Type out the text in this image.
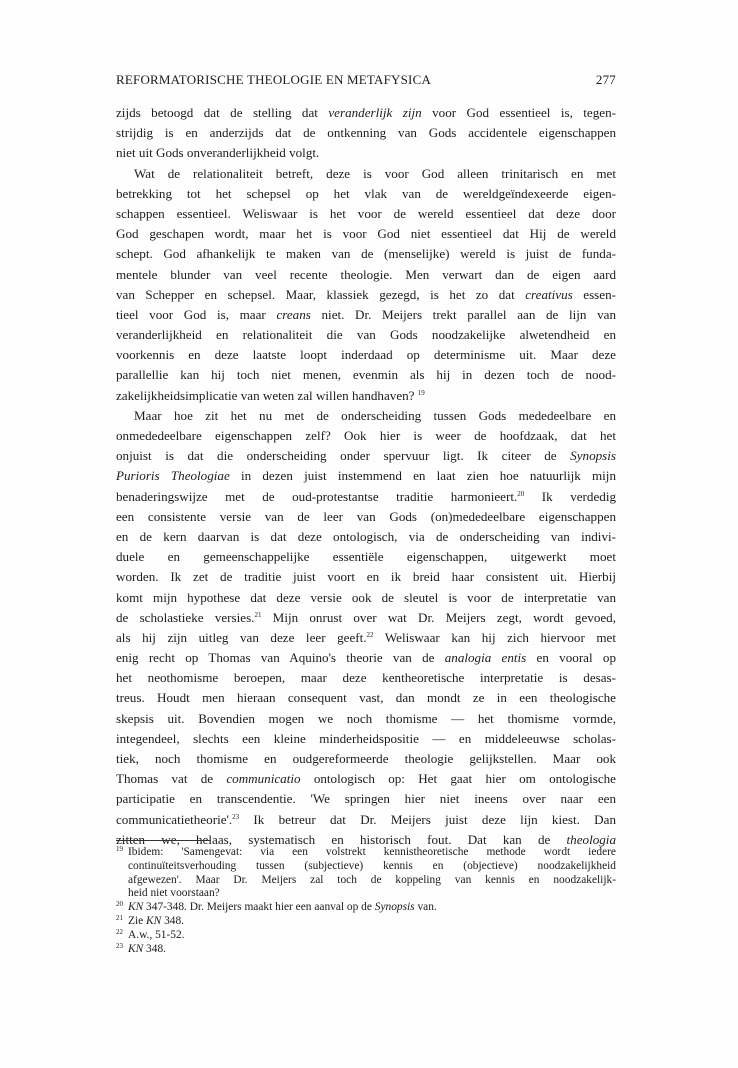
REFORMATORISCHE THEOLOGIE EN METAFYSICA	277
zijds betoogd dat de stelling dat veranderlijk zijn voor God essentieel is, tegen-
strijdig is en anderzijds dat de ontkenning van Gods accidentele eigenschappen
niet uit Gods onveranderlijkheid volgt.
Wat de relationaliteit betreft, deze is voor God alleen trinitarisch en met
betrekking tot het schepsel op het vlak van de wereldgeïndexeerde eigen-
schappen essentieel. Weliswaar is het voor de wereld essentieel dat deze door
God geschapen wordt, maar het is voor God niet essentieel dat Hij de wereld
schept. God afhankelijk te maken van de (menselijke) wereld is juist de funda-
mentele blunder van veel recente theologie. Men verwart dan de eigen aard
van Schepper en schepsel. Maar, klassiek gezegd, is het zo dat creativus essen-
tieel voor God is, maar creans niet. Dr. Meijers trekt parallel aan de lijn van
veranderlijkheid en relationaliteit die van Gods noodzakelijke alwetendheid en
voorkennis en deze laatste loopt inderdaad op determinisme uit. Maar deze
parallellie kan hij toch niet menen, evenmin als hij in dezen toch de nood-
zakelijkheidsimplicatie van weten zal willen handhaven? $^{19}$
Maar hoe zit het nu met de onderscheiding tussen Gods mededeelbare en
onmededeelbare eigenschappen zelf? Ook hier is weer de hoofdzaak, dat het
onjuist is dat die onderscheiding onder spervuur ligt. Ik citeer de Synopsis
Purioris Theologiae in dezen juist instemmend en laat zien hoe natuurlijk mijn
benaderingswijze met de oud-protestantse traditie harmonieert.$^{20}$ Ik verdedig
een consistente versie van de leer van Gods (on)mededeelbare eigenschappen
en de kern daarvan is dat deze ontologisch, via de onderscheiding van indivi-
duele en gemeenschappelijke essentiële eigenschappen, uitgewerkt moet
worden. Ik zet de traditie juist voort en ik breid haar consistent uit. Hierbij
komt mijn hypothese dat deze versie ook de sleutel is voor de interpretatie van
de scholastieke versies.$^{21}$ Mijn onrust over wat Dr. Meijers zegt, wordt gevoed,
als hij zijn uitleg van deze leer geeft.$^{22}$ Weliswaar kan hij zich hiervoor met
enig recht op Thomas van Aquino's theorie van de analogia entis en vooral op
het neothomisme beroepen, maar deze kentheoretische interpretatie is desas-
treus. Houdt men hieraan consequent vast, dan mondt ze in een theologische
skepsis uit. Bovendien mogen we noch thomisme — het thomisme vormde,
integendeel, slechts een kleine minderheidspositie — en middeleeuwse scholas-
tiek, noch thomisme en oudgereformeerde theologie gelijkstellen. Maar ook
Thomas vat de communicatio ontologisch op: Het gaat hier om ontologische
participatie en transcendentie. 'We springen hier niet ineens over naar een
communicatietheorie'.$^{23}$ Ik betreur dat Dr. Meijers juist deze lijn kiest. Dan
zitten we, helaas, systematisch en historisch fout. Dat kan de theologia
$^{19}$ Ibidem: 'Samengevat: via een volstrekt kennistheoretische methode wordt iedere
continuïteitsverhouding tussen (subjectieve) kennis en (objectieve) noodzakelijkheid
afgewezen'. Maar Dr. Meijers zal toch de koppeling van kennis en noodzakelijk-
heid niet voorstaan?
$^{20}$ KN 347-348. Dr. Meijers maakt hier een aanval op de Synopsis van.
$^{21}$ Zie KN 348.
$^{22}$ A.w., 51-52.
$^{23}$ KN 348.
